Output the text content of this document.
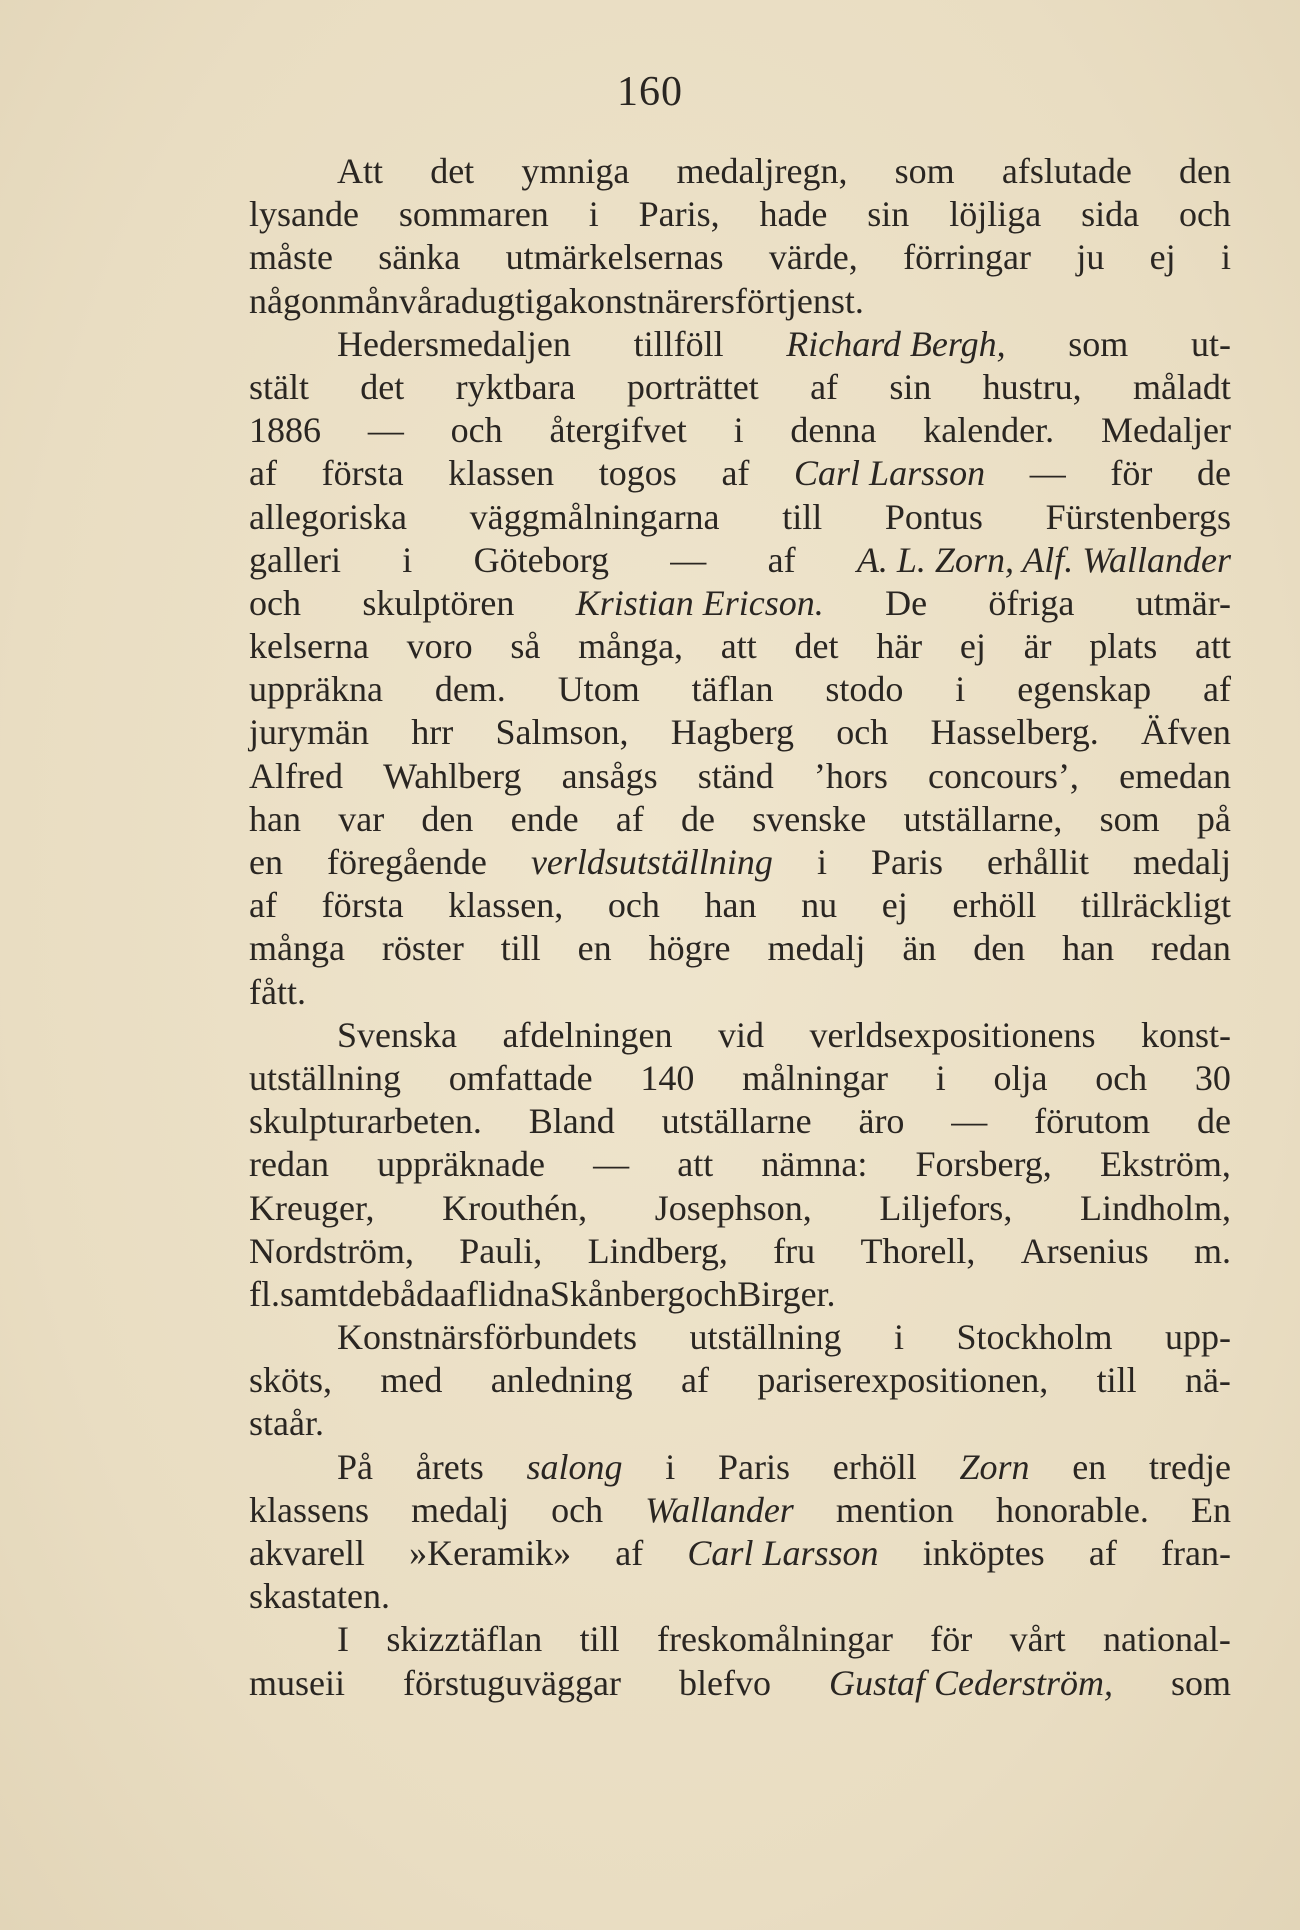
160
Att det ymniga medaljregn, som afslutade den
lysande sommaren i Paris, hade sin löjliga sida och
måste sänka utmärkelsernas värde, förringar ju ej i
någon mån våra dugtiga konstnärers förtjenst.
Hedersmedaljen tillföll Richard Bergh, som ut-
stält det ryktbara porträttet af sin hustru, måladt
1886 — och återgifvet i denna kalender. Medaljer
af första klassen togos af Carl Larsson — för de
allegoriska väggmålningarna till Pontus Fürstenbergs
galleri i Göteborg — af A. L. Zorn, Alf. Wallander
och skulptören Kristian Ericson. De öfriga utmär-
kelserna voro så många, att det här ej är plats att
uppräkna dem. Utom täflan stodo i egenskap af
jurymän hrr Salmson, Hagberg och Hasselberg. Äfven
Alfred Wahlberg ansågs ständ ’hors concours’, emedan
han var den ende af de svenske utställarne, som på
en föregående verldsutställning i Paris erhållit medalj
af första klassen, och han nu ej erhöll tillräckligt
många röster till en högre medalj än den han redan
fått.
Svenska afdelningen vid verldsexpositionens konst-
utställning omfattade 140 målningar i olja och 30
skulpturarbeten. Bland utställarne äro — förutom de
redan uppräknade — att nämna: Forsberg, Ekström,
Kreuger, Krouthén, Josephson, Liljefors, Lindholm,
Nordström, Pauli, Lindberg, fru Thorell, Arsenius m.
fl. samt de båda aflidna Skånberg och Birger.
Konstnärsförbundets utställning i Stockholm upp-
sköts, med anledning af pariserexpositionen, till nä-
sta år.
På årets salong i Paris erhöll Zorn en tredje
klassens medalj och Wallander mention honorable. En
akvarell »Keramik» af Carl Larsson inköptes af fran-
ska staten.
I skizztäflan till freskomålningar för vårt national-
museii förstuguväggar blefvo Gustaf Cederström, som
